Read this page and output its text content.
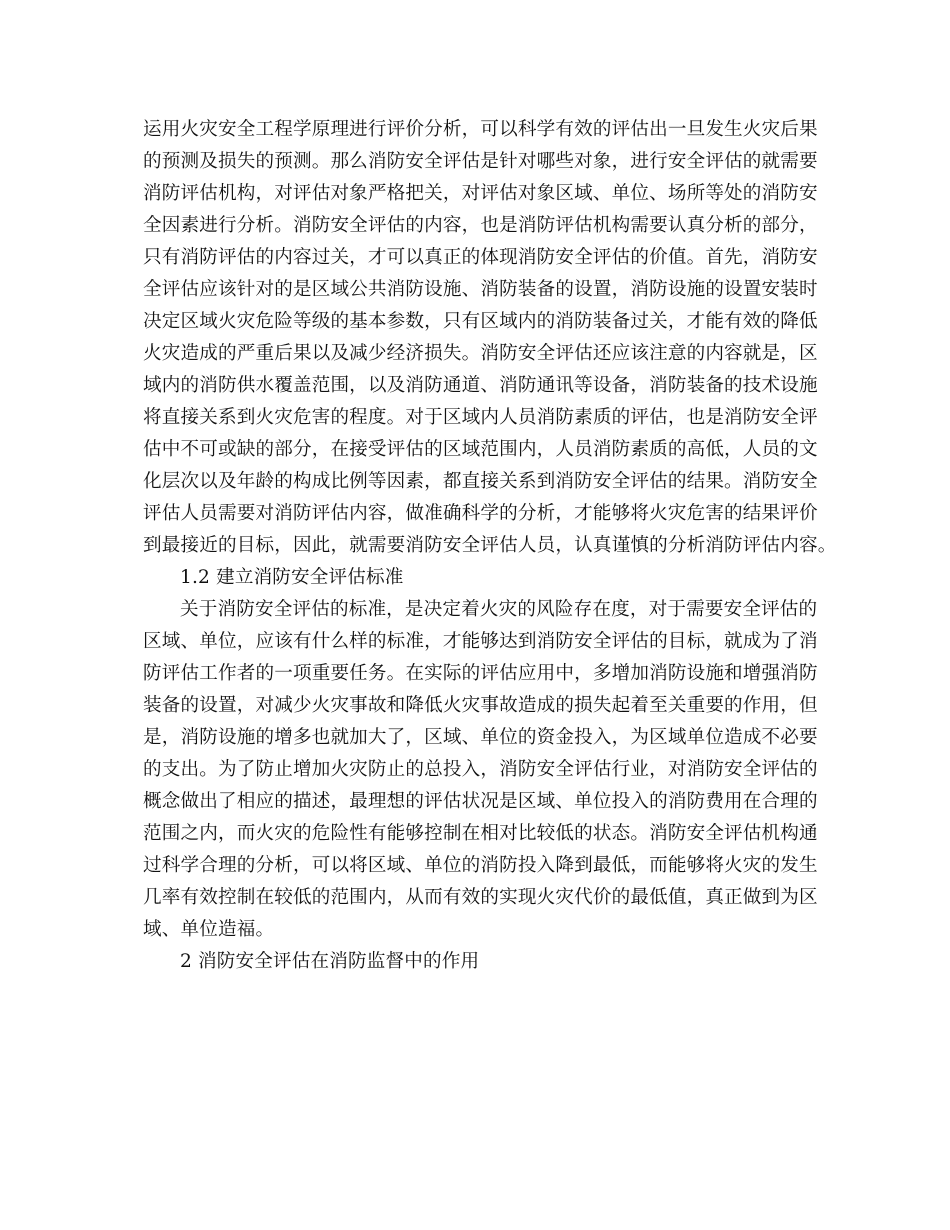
运用火灾安全工程学原理进行评价分析，可以科学有效的评估出一旦发生火灾后果
的预测及损失的预测。那么消防安全评估是针对哪些对象，进行安全评估的就需要
消防评估机构，对评估对象严格把关，对评估对象区域、单位、场所等处的消防安
全因素进行分析。消防安全评估的内容，也是消防评估机构需要认真分析的部分，
只有消防评估的内容过关，才可以真正的体现消防安全评估的价值。首先，消防安
全评估应该针对的是区域公共消防设施、消防装备的设置，消防设施的设置安装时
决定区域火灾危险等级的基本参数，只有区域内的消防装备过关，才能有效的降低
火灾造成的严重后果以及减少经济损失。消防安全评估还应该注意的内容就是，区
域内的消防供水覆盖范围，以及消防通道、消防通讯等设备，消防装备的技术设施
将直接关系到火灾危害的程度。对于区域内人员消防素质的评估，也是消防安全评
估中不可或缺的部分，在接受评估的区域范围内，人员消防素质的高低，人员的文
化层次以及年龄的构成比例等因素，都直接关系到消防安全评估的结果。消防安全
评估人员需要对消防评估内容，做准确科学的分析，才能够将火灾危害的结果评价
到最接近的目标，因此，就需要消防安全评估人员，认真谨慎的分析消防评估内容。
1.2 建立消防安全评估标准
关于消防安全评估的标准，是决定着火灾的风险存在度，对于需要安全评估的
区域、单位，应该有什么样的标准，才能够达到消防安全评估的目标，就成为了消
防评估工作者的一项重要任务。在实际的评估应用中，多增加消防设施和增强消防
装备的设置，对减少火灾事故和降低火灾事故造成的损失起着至关重要的作用，但
是，消防设施的增多也就加大了，区域、单位的资金投入，为区域单位造成不必要
的支出。为了防止增加火灾防止的总投入，消防安全评估行业，对消防安全评估的
概念做出了相应的描述，最理想的评估状况是区域、单位投入的消防费用在合理的
范围之内，而火灾的危险性有能够控制在相对比较低的状态。消防安全评估机构通
过科学合理的分析，可以将区域、单位的消防投入降到最低，而能够将火灾的发生
几率有效控制在较低的范围内，从而有效的实现火灾代价的最低值，真正做到为区
域、单位造福。
2 消防安全评估在消防监督中的作用
